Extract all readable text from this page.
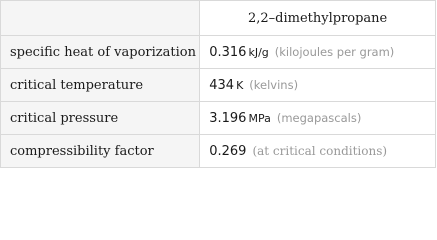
	2,2–dimethylpropane
specific heat of vaporization	0.316 kJ/g (kilojoules per gram)
critical temperature	434 K (kelvins)
critical pressure	3.196 MPa (megapascals)
compressibility factor	0.269 (at critical conditions)
